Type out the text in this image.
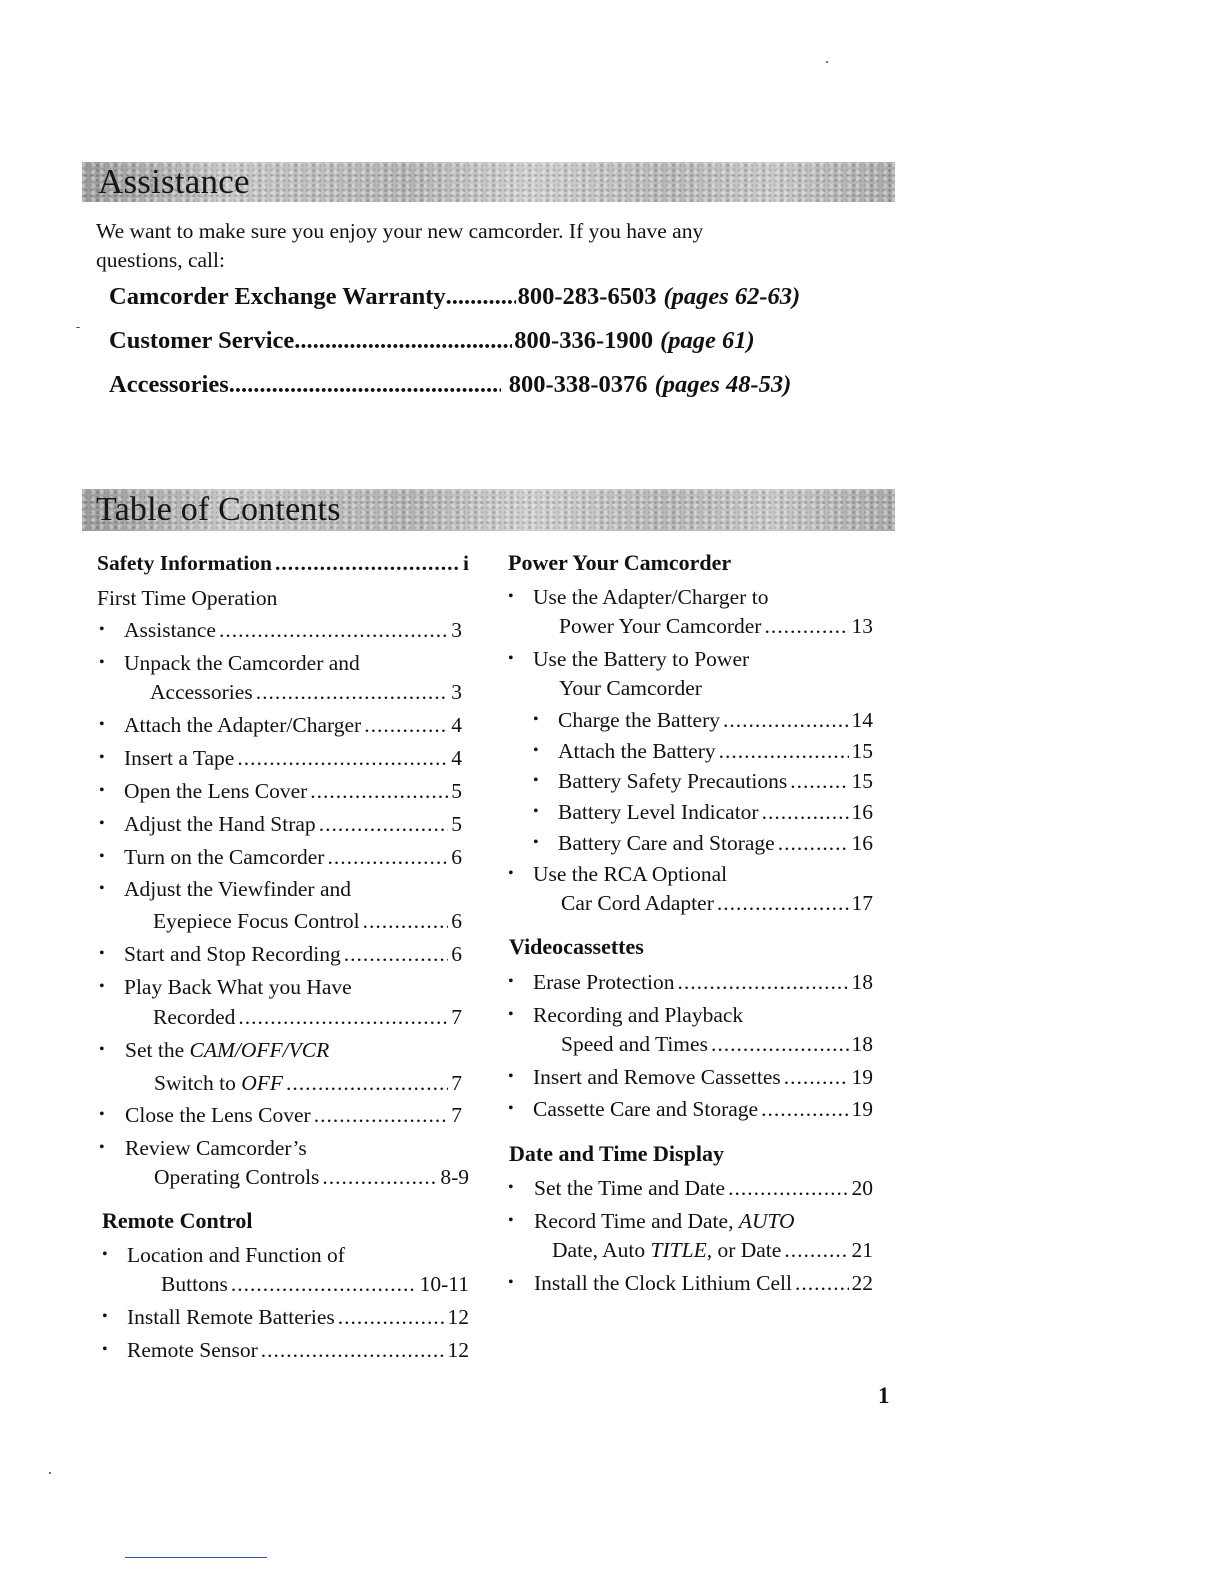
Assistance
We want to make sure you enjoy your new camcorder. If you have any questions, call:
Camcorder Exchange Warranty .....	800-283-6503 (pages 62-63)
Customer Service .....	800-336-1900 (page 61)
Accessories .....	800-338-0376 (pages 48-53)
Table of Contents
Safety Information .....	i
First Time Operation
• Assistance .....	3
• Unpack the Camcorder and
Accessories .....	3
• Attach the Adapter/Charger .....	4
• Insert a Tape .....	4
• Open the Lens Cover .....	5
• Adjust the Hand Strap .....	5
• Turn on the Camcorder .....	6
• Adjust the Viewfinder and
Eyepiece Focus Control .....	6
• Start and Stop Recording .....	6
• Play Back What you Have
Recorded .....	7
• Set the CAM/OFF/VCR
Switch to OFF .....	7
• Close the Lens Cover .....	7
• Review Camcorder’s
Operating Controls .....	8-9
Remote Control
• Location and Function of
Buttons .....	10-11
• Install Remote Batteries .....	12
• Remote Sensor .....	12
Power Your Camcorder
• Use the Adapter/Charger to
Power Your Camcorder .....	13
• Use the Battery to Power
Your Camcorder
• Charge the Battery .....	14
• Attach the Battery .....	15
• Battery Safety Precautions .....	15
• Battery Level Indicator .....	16
• Battery Care and Storage .....	16
• Use the RCA Optional
Car Cord Adapter .....	17
Videocassettes
• Erase Protection .....	18
• Recording and Playback
Speed and Times .....	18
• Insert and Remove Cassettes .....	19
• Cassette Care and Storage .....	19
Date and Time Display
• Set the Time and Date .....	20
• Record Time and Date, AUTO
Date, Auto TITLE, or Date .....	21
• Install the Clock Lithium Cell .....	22
1
